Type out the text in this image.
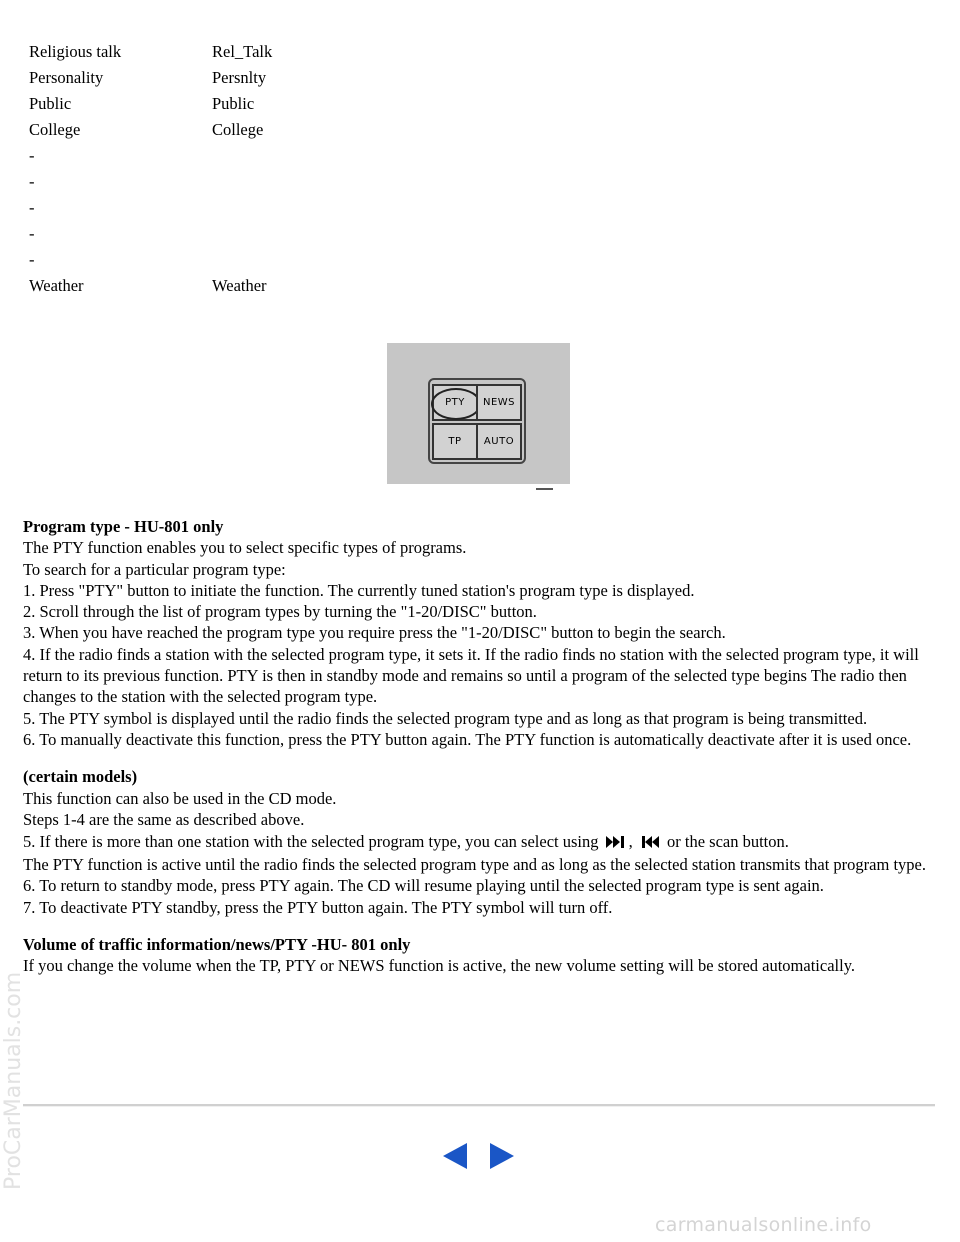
Religious talk	Rel_Talk
Personality	Persnlty
Public	Public
College	College
-
-
-
-
-
Weather	Weather
PTY NEWS
TP AUTO

Program type - HU-801 only

The PTY function enables you to select specific types of programs.

To search for a particular program type:

1. Press "PTY" button to initiate the function. The currently tuned station's program type is displayed.

2. Scroll through the list of program types by turning the "1-20/DISC" button.

3. When you have reached the program type you require press the "1-20/DISC" button to begin the search.

4. If the radio finds a station with the selected program type, it sets it. If the radio finds no station with the selected program type, it will return to its previous function. PTY is then in standby mode and remains so until a program of the selected type begins The radio then changes to the station with the selected program type.

5. The PTY symbol is displayed until the radio finds the selected program type and as long as that program is being transmitted.

6. To manually deactivate this function, press the PTY button again. The PTY function is automatically deactivate after it is used once.

(certain models)

This function can also be used in the CD mode.

Steps 1-4 are the same as described above.

5. If there is more than one station with the selected program type, you can select using , or the scan button.

The PTY function is active until the radio finds the selected program type and as long as the selected station transmits that program type.

6. To return to standby mode, press PTY again. The CD will resume playing until the selected program type is sent again.

7. To deactivate PTY standby, press the PTY button again. The PTY symbol will turn off.

Volume of traffic information/news/PTY -HU- 801 only

If you change the volume when the TP, PTY or NEWS function is active, the new volume setting will be stored automatically.

ProCarManuals.com
carmanualsonline.info
